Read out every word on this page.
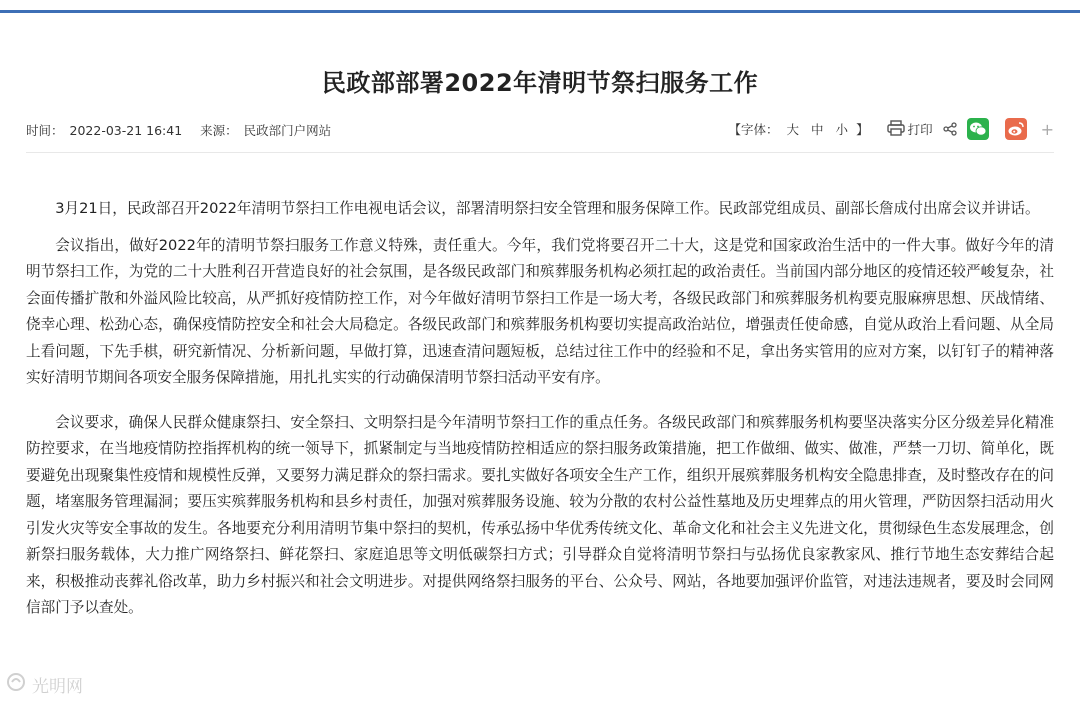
民政部部署2022年清明节祭扫服务工作
时间： 2022-03-21 16:41 来源： 民政部门户网站	【字体： 大 中 小 】	打印	+

3月21日，民政部召开2022年清明节祭扫工作电视电话会议，部署清明祭扫安全管理和服务保障工作。民政部党组成员、副部长詹成付出席会议并讲话。

会议指出，做好2022年的清明节祭扫服务工作意义特殊，责任重大。今年，我们党将要召开二十大，这是党和国家政治生活中的一件大事。做好今年的清明节祭扫工作，为党的二十大胜利召开营造良好的社会氛围，是各级民政部门和殡葬服务机构必须扛起的政治责任。当前国内部分地区的疫情还较严峻复杂，社会面传播扩散和外溢风险比较高，从严抓好疫情防控工作，对今年做好清明节祭扫工作是一场大考，各级民政部门和殡葬服务机构要克服麻痹思想、厌战情绪、侥幸心理、松劲心态，确保疫情防控安全和社会大局稳定。各级民政部门和殡葬服务机构要切实提高政治站位，增强责任使命感，自觉从政治上看问题、从全局上看问题，下先手棋，研究新情况、分析新问题，早做打算，迅速查清问题短板，总结过往工作中的经验和不足，拿出务实管用的应对方案，以钉钉子的精神落实好清明节期间各项安全服务保障措施，用扎扎实实的行动确保清明节祭扫活动平安有序。

会议要求，确保人民群众健康祭扫、安全祭扫、文明祭扫是今年清明节祭扫工作的重点任务。各级民政部门和殡葬服务机构要坚决落实分区分级差异化精准防控要求，在当地疫情防控指挥机构的统一领导下，抓紧制定与当地疫情防控相适应的祭扫服务政策措施，把工作做细、做实、做准，严禁一刀切、简单化，既要避免出现聚集性疫情和规模性反弹，又要努力满足群众的祭扫需求。要扎实做好各项安全生产工作，组织开展殡葬服务机构安全隐患排查，及时整改存在的问题，堵塞服务管理漏洞；要压实殡葬服务机构和县乡村责任，加强对殡葬服务设施、较为分散的农村公益性墓地及历史埋葬点的用火管理，严防因祭扫活动用火引发火灾等安全事故的发生。各地要充分利用清明节集中祭扫的契机，传承弘扬中华优秀传统文化、革命文化和社会主义先进文化，贯彻绿色生态发展理念，创新祭扫服务载体，大力推广网络祭扫、鲜花祭扫、家庭追思等文明低碳祭扫方式；引导群众自觉将清明节祭扫与弘扬优良家教家风、推行节地生态安葬结合起来，积极推动丧葬礼俗改革，助力乡村振兴和社会文明进步。对提供网络祭扫服务的平台、公众号、网站，各地要加强评价监管，对违法违规者，要及时会同网信部门予以查处。

光明网
